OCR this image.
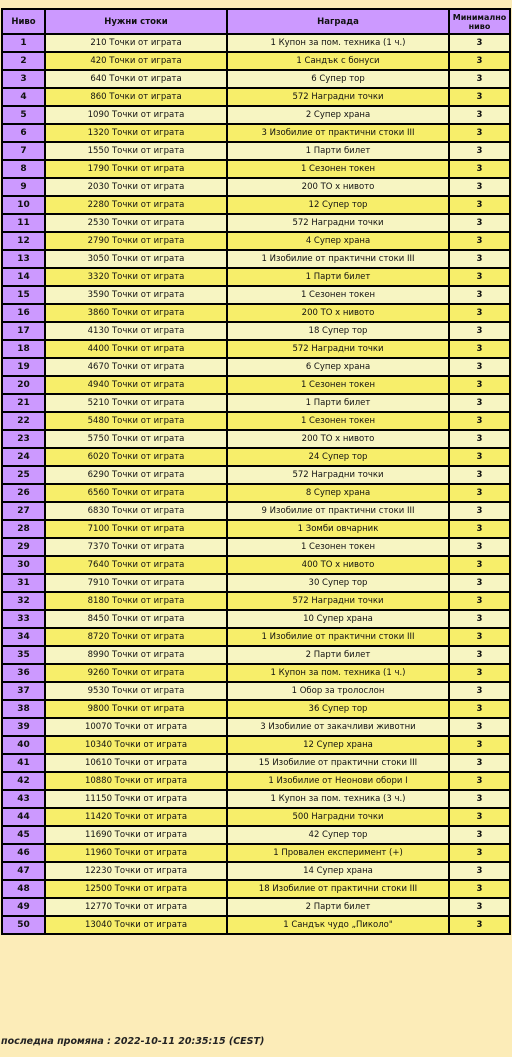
Ниво	Нужни стоки	Награда	Минимално ниво
1	210 Точки от играта	1 Купон за пом. техника (1 ч.)	3
2	420 Точки от играта	1 Сандък с бонуси	3
3	640 Точки от играта	6 Супер тор	3
4	860 Точки от играта	572 Наградни точки	3
5	1090 Точки от играта	2 Супер храна	3
6	1320 Точки от играта	3 Изобилие от практични стоки III	3
7	1550 Точки от играта	1 Парти билет	3
8	1790 Точки от играта	1 Сезонен токен	3
9	2030 Точки от играта	200 ТО x нивото	3
10	2280 Точки от играта	12 Супер тор	3
11	2530 Точки от играта	572 Наградни точки	3
12	2790 Точки от играта	4 Супер храна	3
13	3050 Точки от играта	1 Изобилие от практични стоки III	3
14	3320 Точки от играта	1 Парти билет	3
15	3590 Точки от играта	1 Сезонен токен	3
16	3860 Точки от играта	200 ТО x нивото	3
17	4130 Точки от играта	18 Супер тор	3
18	4400 Точки от играта	572 Наградни точки	3
19	4670 Точки от играта	6 Супер храна	3
20	4940 Точки от играта	1 Сезонен токен	3
21	5210 Точки от играта	1 Парти билет	3
22	5480 Точки от играта	1 Сезонен токен	3
23	5750 Точки от играта	200 ТО x нивото	3
24	6020 Точки от играта	24 Супер тор	3
25	6290 Точки от играта	572 Наградни точки	3
26	6560 Точки от играта	8 Супер храна	3
27	6830 Точки от играта	9 Изобилие от практични стоки III	3
28	7100 Точки от играта	1 Зомби овчарник	3
29	7370 Точки от играта	1 Сезонен токен	3
30	7640 Точки от играта	400 ТО x нивото	3
31	7910 Точки от играта	30 Супер тор	3
32	8180 Точки от играта	572 Наградни точки	3
33	8450 Точки от играта	10 Супер храна	3
34	8720 Точки от играта	1 Изобилие от практични стоки III	3
35	8990 Точки от играта	2 Парти билет	3
36	9260 Точки от играта	1 Купон за пом. техника (1 ч.)	3
37	9530 Точки от играта	1 Обор за тролослон	3
38	9800 Точки от играта	36 Супер тор	3
39	10070 Точки от играта	3 Изобилие от закачливи животни	3
40	10340 Точки от играта	12 Супер храна	3
41	10610 Точки от играта	15 Изобилие от практични стоки III	3
42	10880 Точки от играта	1 Изобилие от Неонови обори I	3
43	11150 Точки от играта	1 Купон за пом. техника (3 ч.)	3
44	11420 Точки от играта	500 Наградни точки	3
45	11690 Точки от играта	42 Супер тор	3
46	11960 Точки от играта	1 Провален експеримент (+)	3
47	12230 Точки от играта	14 Супер храна	3
48	12500 Точки от играта	18 Изобилие от практични стоки III	3
49	12770 Точки от играта	2 Парти билет	3
50	13040 Точки от играта	1 Сандък чудо „Пиколо"	3
последна промяна : 2022-10-11 20:35:15 (CEST)
